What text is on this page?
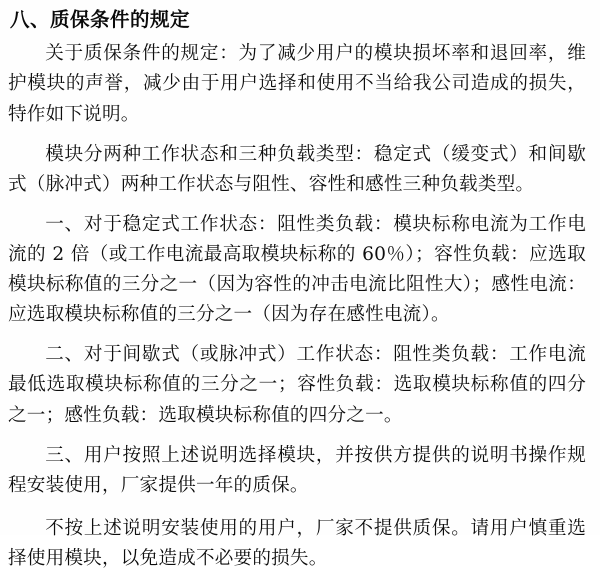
八、质保条件的规定

关于质保条件的规定：为了减少用户的模块损坏率和退回率，维护模块的声誉，减少由于用户选择和使用不当给我公司造成的损失，特作如下说明。

模块分两种工作状态和三种负载类型：稳定式（缓变式）和间歇式（脉冲式）两种工作状态与阻性、容性和感性三种负载类型。

一、对于稳定式工作状态：阻性类负载：模块标称电流为工作电流的 2 倍（或工作电流最高取模块标称的 60％）；容性负载：应选取模块标称值的三分之一（因为容性的冲击电流比阻性大）；感性电流：应选取模块标称值的三分之一（因为存在感性电流）。

二、对于间歇式（或脉冲式）工作状态：阻性类负载：工作电流最低选取模块标称值的三分之一；容性负载：选取模块标称值的四分之一；感性负载：选取模块标称值的四分之一。

三、用户按照上述说明选择模块，并按供方提供的说明书操作规程安装使用，厂家提供一年的质保。

不按上述说明安装使用的用户，厂家不提供质保。请用户慎重选择使用模块，以免造成不必要的损失。
